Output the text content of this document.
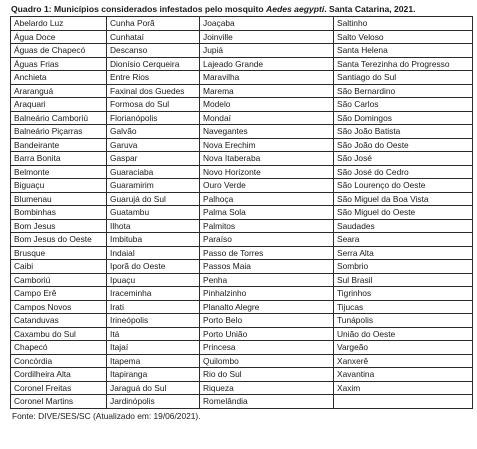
Quadro 1: Municípios considerados infestados pelo mosquito Aedes aegypti. Santa Catarina, 2021.
Abelardo Luz	Cunha Porã	Joaçaba	Saltinho
Água Doce	Cunhataí	Joinville	Salto Veloso
Águas de Chapecó	Descanso	Jupiá	Santa Helena
Águas Frias	Dionísio Cerqueira	Lajeado Grande	Santa Terezinha do Progresso
Anchieta	Entre Rios	Maravilha	Santiago do Sul
Araranguá	Faxinal dos Guedes	Marema	São Bernardino
Araquari	Formosa do Sul	Modelo	São Carlos
Balneário Camboriú	Florianópolis	Mondaí	São Domingos
Balneário Piçarras	Galvão	Navegantes	São João Batista
Bandeirante	Garuva	Nova Erechim	São João do Oeste
Barra Bonita	Gaspar	Nova Itaberaba	São José
Belmonte	Guaraciaba	Novo Horizonte	São José do Cedro
Biguaçu	Guaramirim	Ouro Verde	São Lourenço do Oeste
Blumenau	Guarujá do Sul	Palhoça	São Miguel da Boa Vista
Bombinhas	Guatambu	Palma Sola	São Miguel do Oeste
Bom Jesus	Ilhota	Palmitos	Saudades
Bom Jesus do Oeste	Imbituba	Paraíso	Seara
Brusque	Indaial	Passo de Torres	Serra Alta
Caibi	Iporã do Oeste	Passos Maia	Sombrio
Camboriú	Ipuaçu	Penha	Sul Brasil
Campo Erê	Iraceminha	Pinhalzinho	Tigrinhos
Campos Novos	Irati	Planalto Alegre	Tijucas
Catanduvas	Irineópolis	Porto Belo	Tunápolis
Caxambu do Sul	Itá	Porto União	União do Oeste
Chapecó	Itajaí	Princesa	Vargeão
Concórdia	Itapema	Quilombo	Xanxerê
Cordilheira Alta	Itapiranga	Rio do Sul	Xavantina
Coronel Freitas	Jaraguá do Sul	Riqueza	Xaxim
Coronel Martins	Jardinópolis	Romelândia	
Fonte: DIVE/SES/SC (Atualizado em: 19/06/2021).
